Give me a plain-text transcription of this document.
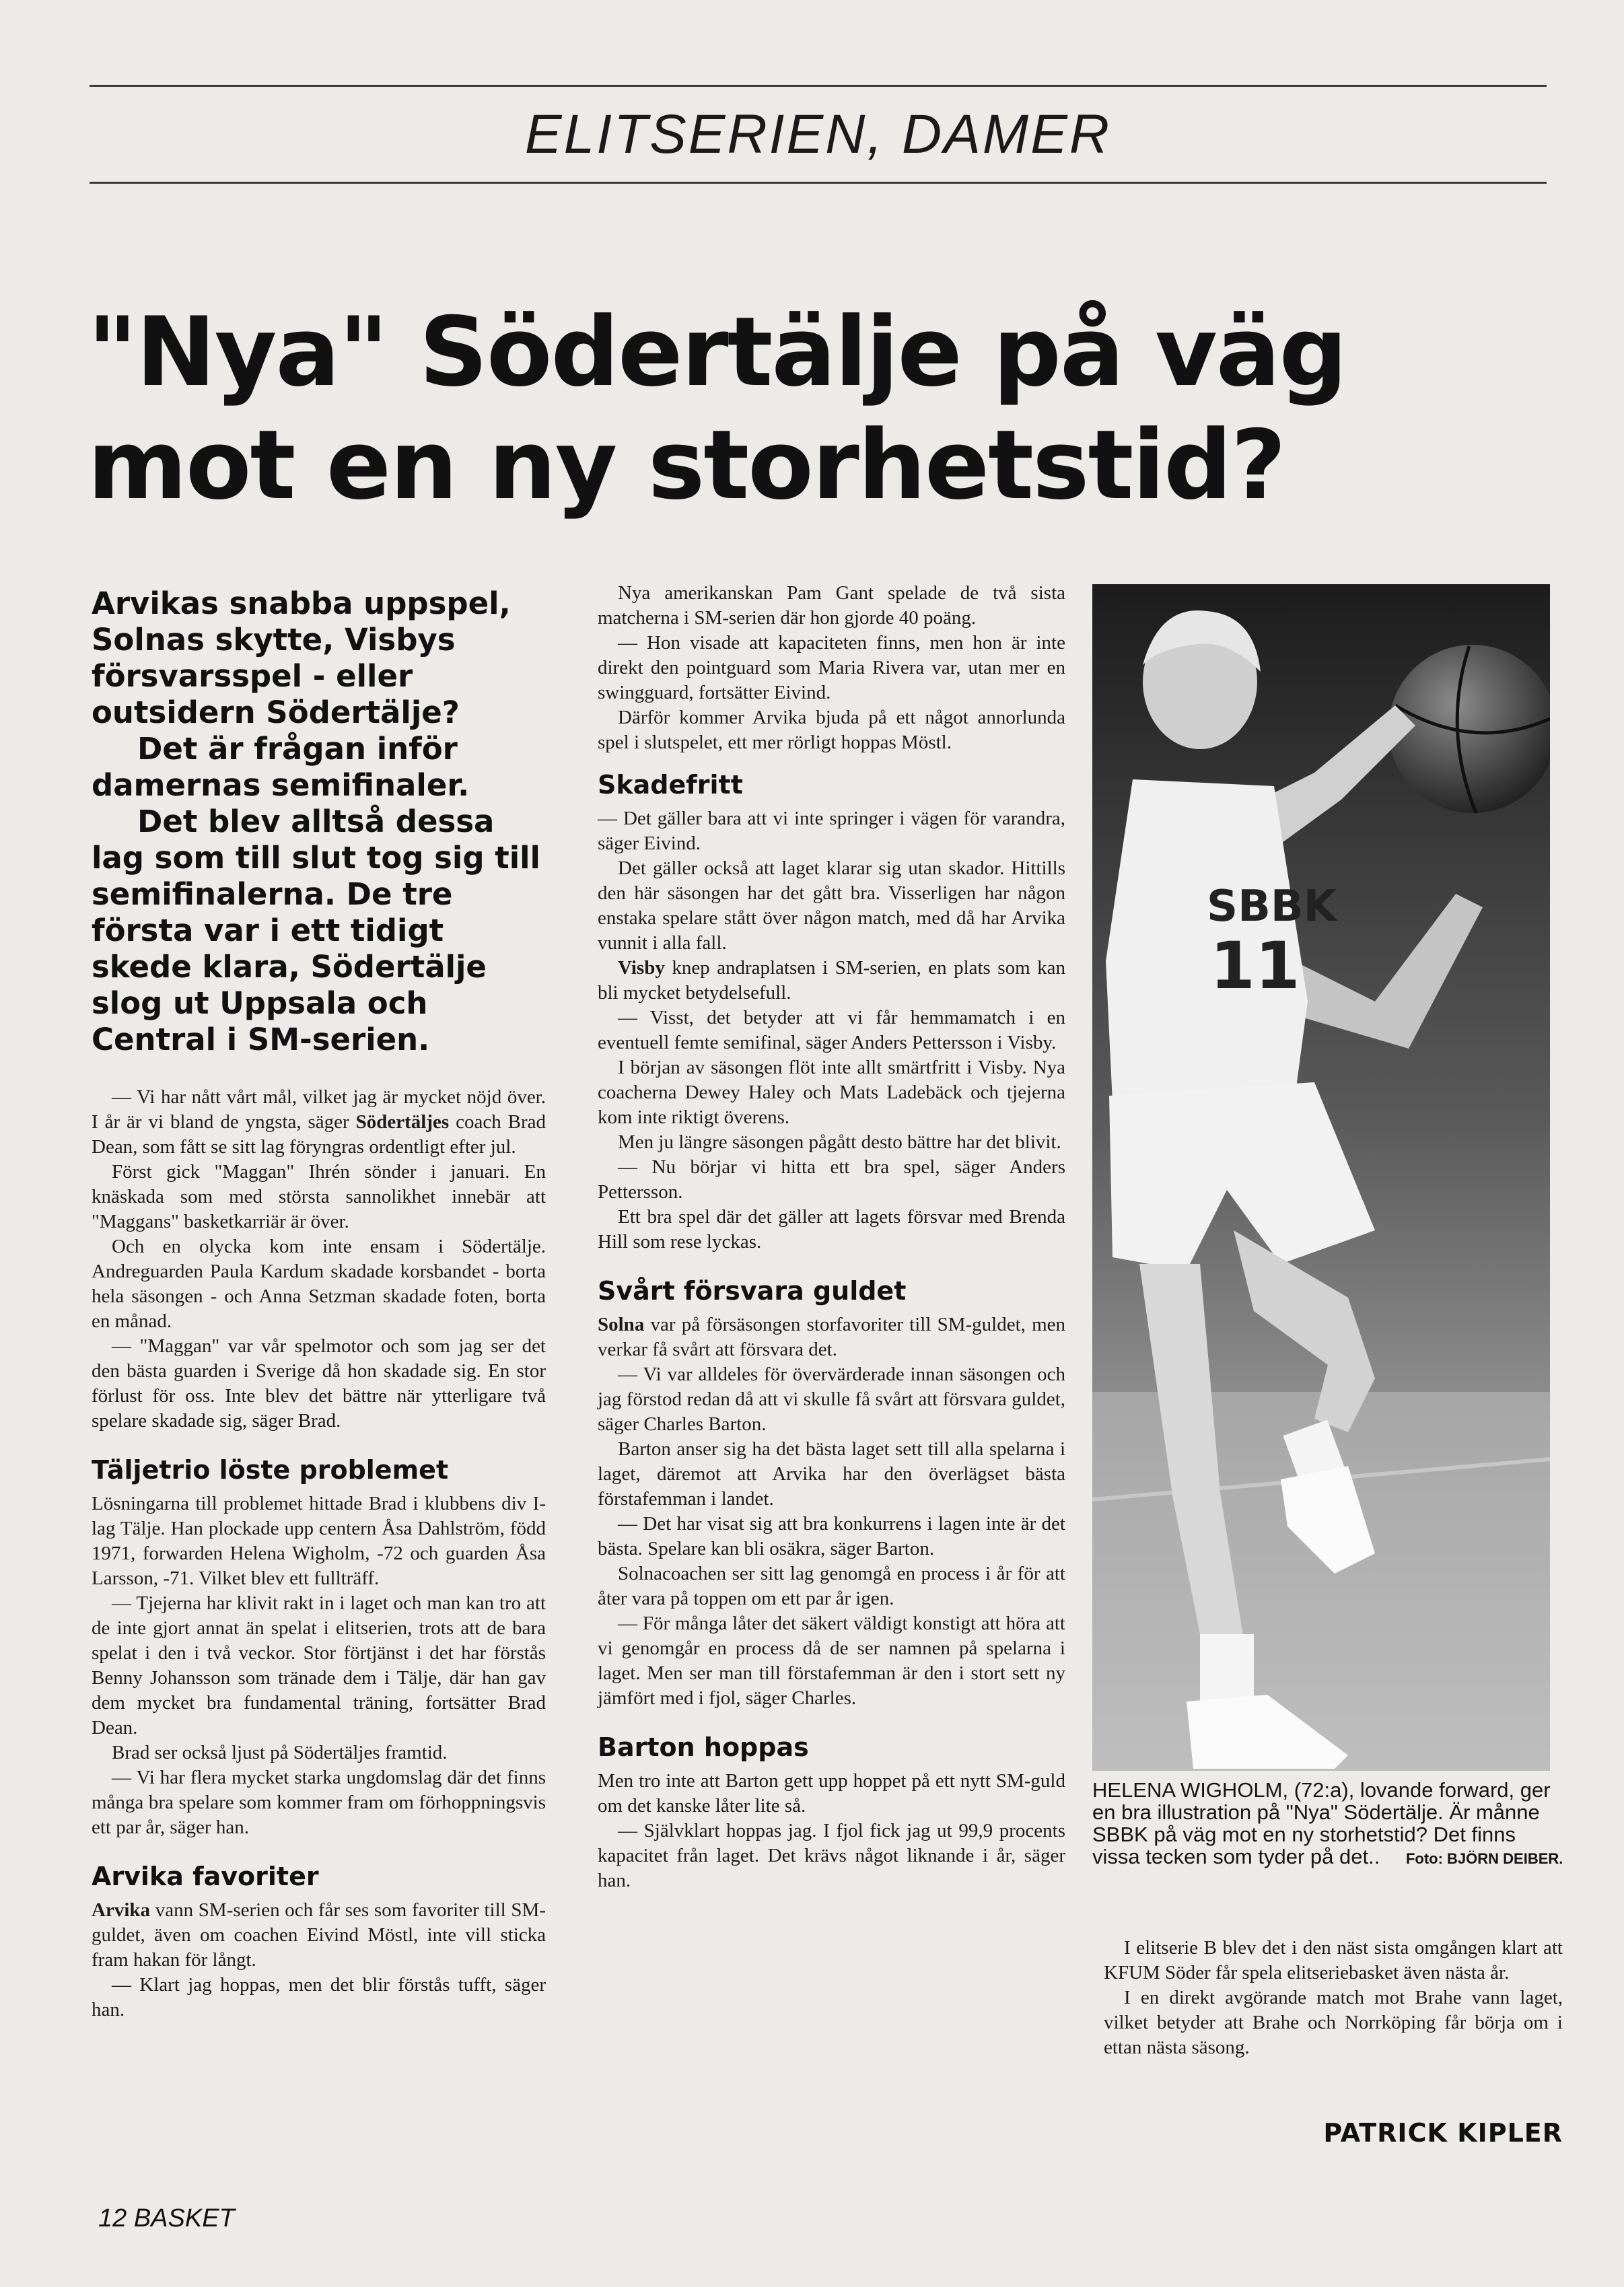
ELITSERIEN, DAMER
"Nya" Södertälje på väg
mot en ny storhetstid?

Arvikas snabba uppspel, Solnas skytte, Visbys försvarsspel - eller outsidern Södertälje?

Det är frågan inför damernas semifinaler.

Det blev alltså dessa lag som till slut tog sig till semifinalerna. De tre första var i ett tidigt skede klara, Södertälje slog ut Uppsala och Central i SM-serien.

— Vi har nått vårt mål, vilket jag är mycket nöjd över. I år är vi bland de yngsta, säger Södertäljes coach Brad Dean, som fått se sitt lag föryngras ordentligt efter jul.

Först gick "Maggan" Ihrén sönder i januari. En knäskada som med största sannolikhet innebär att "Maggans" basketkarriär är över.

Och en olycka kom inte ensam i Södertälje. Andreguarden Paula Kardum skadade korsbandet - borta hela säsongen - och Anna Setzman skadade foten, borta en månad.

— "Maggan" var vår spelmotor och som jag ser det den bästa guarden i Sverige då hon skadade sig. En stor förlust för oss. Inte blev det bättre när ytterligare två spelare skadade sig, säger Brad.

Täljetrio löste problemet

Lösningarna till problemet hittade Brad i klubbens div I-lag Tälje. Han plockade upp centern Åsa Dahlström, född 1971, forwarden Helena Wigholm, -72 och guarden Åsa Larsson, -71. Vilket blev ett fullträff.

— Tjejerna har klivit rakt in i laget och man kan tro att de inte gjort annat än spelat i elitserien, trots att de bara spelat i den i två veckor. Stor förtjänst i det har förstås Benny Johansson som tränade dem i Tälje, där han gav dem mycket bra fundamental träning, fortsätter Brad Dean.

Brad ser också ljust på Södertäljes framtid.

— Vi har flera mycket starka ungdomslag där det finns många bra spelare som kommer fram om förhoppningsvis ett par år, säger han.

Arvika favoriter

Arvika vann SM-serien och får ses som favoriter till SM-guldet, även om coachen Eivind Möstl, inte vill sticka fram hakan för långt.

— Klart jag hoppas, men det blir förstås tufft, säger han.

Nya amerikanskan Pam Gant spelade de två sista matcherna i SM-serien där hon gjorde 40 poäng.

— Hon visade att kapaciteten finns, men hon är inte direkt den pointguard som Maria Rivera var, utan mer en swingguard, fortsätter Eivind.

Därför kommer Arvika bjuda på ett något annorlunda spel i slutspelet, ett mer rörligt hoppas Möstl.

Skadefritt

— Det gäller bara att vi inte springer i vägen för varandra, säger Eivind.

Det gäller också att laget klarar sig utan skador. Hittills den här säsongen har det gått bra. Visserligen har någon enstaka spelare stått över någon match, med då har Arvika vunnit i alla fall.

Visby knep andraplatsen i SM-serien, en plats som kan bli mycket betydelsefull.

— Visst, det betyder att vi får hemmamatch i en eventuell femte semifinal, säger Anders Pettersson i Visby.

I början av säsongen flöt inte allt smärtfritt i Visby. Nya coacherna Dewey Haley och Mats Ladebäck och tjejerna kom inte riktigt överens.

Men ju längre säsongen pågått desto bättre har det blivit.

— Nu börjar vi hitta ett bra spel, säger Anders Pettersson.

Ett bra spel där det gäller att lagets försvar med Brenda Hill som rese lyckas.

Svårt försvara guldet

Solna var på försäsongen storfavoriter till SM-guldet, men verkar få svårt att försvara det.

— Vi var alldeles för övervärderade innan säsongen och jag förstod redan då att vi skulle få svårt att försvara guldet, säger Charles Barton.

Barton anser sig ha det bästa laget sett till alla spelarna i laget, däremot att Arvika har den överlägset bästa förstafemman i landet.

— Det har visat sig att bra konkurrens i lagen inte är det bästa. Spelare kan bli osäkra, säger Barton.

Solnacoachen ser sitt lag genomgå en process i år för att åter vara på toppen om ett par år igen.

— För många låter det säkert väldigt konstigt att höra att vi genomgår en process då de ser namnen på spelarna i laget. Men ser man till förstafemman är den i stort sett ny jämfört med i fjol, säger Charles.

Barton hoppas

Men tro inte att Barton gett upp hoppet på ett nytt SM-guld om det kanske låter lite så.

— Självklart hoppas jag. I fjol fick jag ut 99,9 procents kapacitet från laget. Det krävs något liknande i år, säger han.

SBBK
11
HELENA WIGHOLM, (72:a), lovande forward, ger en bra illustration på "Nya" Södertälje. Är månne SBBK på väg mot en ny storhetstid? Det finns vissa tecken som tyder på det.. Foto: BJÖRN DEIBER.

I elitserie B blev det i den näst sista omgången klart att KFUM Söder får spela elitseriebasket även nästa år.

I en direkt avgörande match mot Brahe vann laget, vilket betyder att Brahe och Norrköping får börja om i ettan nästa säsong.

PATRICK KIPLER
12 BASKET
